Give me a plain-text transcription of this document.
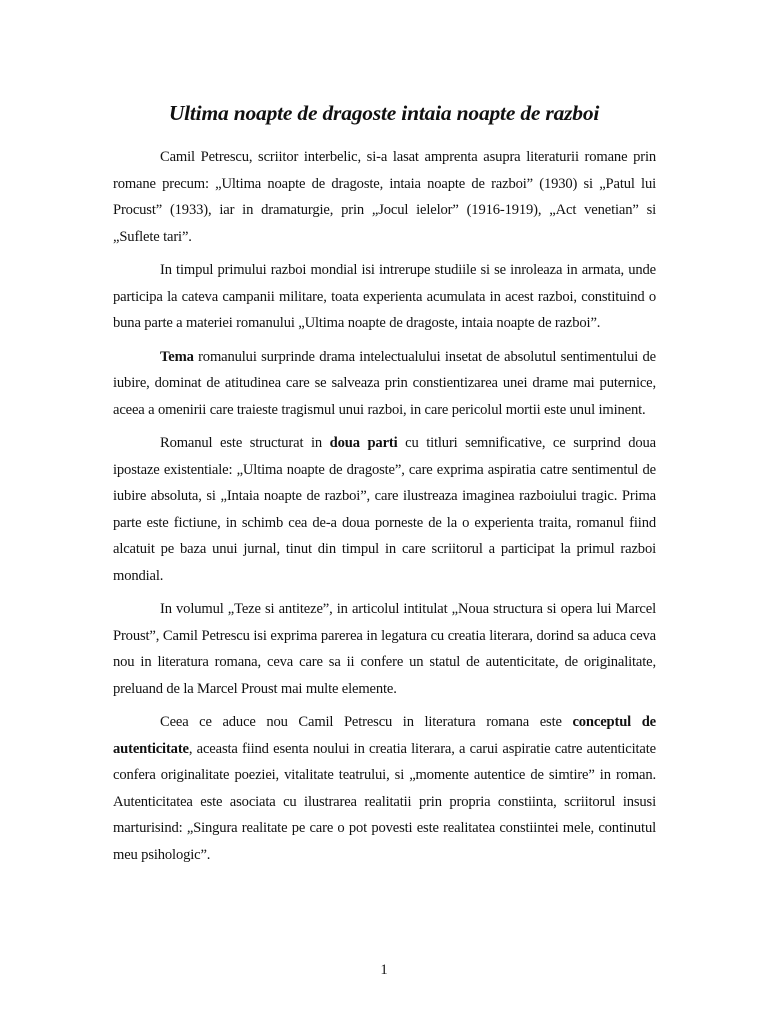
Ultima noapte de dragoste intaia noapte de razboi

Camil Petrescu, scriitor interbelic, si-a lasat amprenta asupra literaturii romane prin romane precum: „Ultima noapte de dragoste, intaia noapte de razboi” (1930) si „Patul lui Procust” (1933), iar in dramaturgie, prin „Jocul ielelor” (1916-1919), „Act venetian” si „Suflete tari”.

In timpul primului razboi mondial isi intrerupe studiile si se inroleaza in armata, unde participa la cateva campanii militare, toata experienta acumulata in acest razboi, constituind o buna parte a materiei romanului „Ultima noapte de dragoste, intaia noapte de razboi”.

Tema romanului surprinde drama intelectualului insetat de absolutul sentimentului de iubire, dominat de atitudinea care se salveaza prin constientizarea unei drame mai puternice, aceea a omenirii care traieste tragismul unui razboi, in care pericolul mortii este unul iminent.

Romanul este structurat in doua parti cu titluri semnificative, ce surprind doua ipostaze existentiale: „Ultima noapte de dragoste”, care exprima aspiratia catre sentimentul de iubire absoluta, si „Intaia noapte de razboi”, care ilustreaza imaginea razboiului tragic. Prima parte este fictiune, in schimb cea de-a doua porneste de la o experienta traita, romanul fiind alcatuit pe baza unui jurnal, tinut din timpul in care scriitorul a participat la primul razboi mondial.

In volumul „Teze si antiteze”, in articolul intitulat „Noua structura si opera lui Marcel Proust”, Camil Petrescu isi exprima parerea in legatura cu creatia literara, dorind sa aduca ceva nou in literatura romana, ceva care sa ii confere un statul de autenticitate, de originalitate, preluand de la Marcel Proust mai multe elemente.

Ceea ce aduce nou Camil Petrescu in literatura romana este conceptul de autenticitate, aceasta fiind esenta noului in creatia literara, a carui aspiratie catre autenticitate confera originalitate poeziei, vitalitate teatrului, si „momente autentice de simtire” in roman. Autenticitatea este asociata cu ilustrarea realitatii prin propria constiinta, scriitorul insusi marturisind: „Singura realitate pe care o pot povesti este realitatea constiintei mele, continutul meu psihologic”.

1
